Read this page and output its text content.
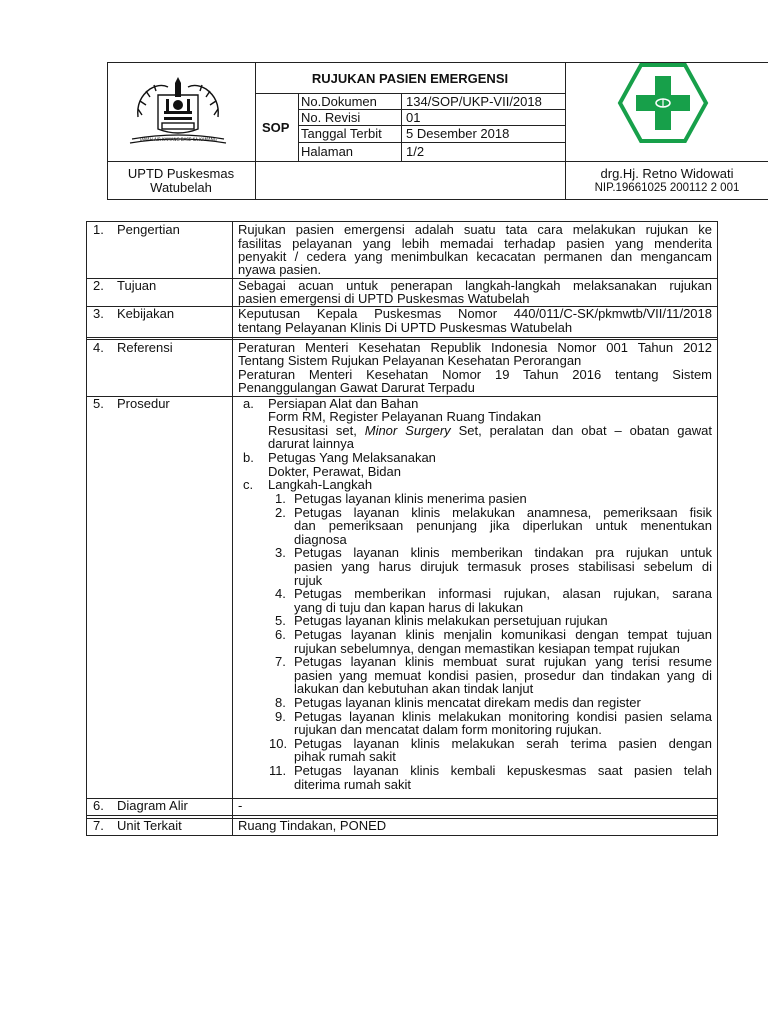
TANAH AIR KAMANG BASE KA KAMANG
RUJUKAN PASIEN EMERGENSI
SOP
No.Dokumen 134/SOP/UKP-VII/2018
No. Revisi	01
Tanggal Terbit 5 Desember 2018
Halaman	1/2
UPTD Puskesmas
Watubelah
drg.Hj. Retno Widowati
NIP.19661025 200112 2 001
1. Pengertian	Rujukan pasien emergensi adalah suatu tata cara melakukan rujukan ke
fasilitas pelayanan yang lebih memadai terhadap pasien yang menderita
penyakit / cedera yang menimbulkan kecacatan permanen dan mengancam
nyawa pasien.
2. Tujuan	Sebagai acuan untuk penerapan langkah-langkah melaksanakan rujukan
pasien emergensi di UPTD Puskesmas Watubelah
3. Kebijakan	Keputusan Kepala Puskesmas Nomor 440/011/C-SK/pkmwtb/VII/11/2018
tentang Pelayanan Klinis Di UPTD Puskesmas Watubelah
4. Referensi	Peraturan Menteri Kesehatan Republik Indonesia Nomor 001 Tahun 2012
Tentang Sistem Rujukan Pelayanan Kesehatan Perorangan
Peraturan Menteri Kesehatan Nomor 19 Tahun 2016 tentang Sistem
Penanggulangan Gawat Darurat Terpadu
5. Prosedur	a. Persiapan Alat dan Bahan
Form RM, Register Pelayanan Ruang Tindakan
Resusitasi set, Minor Surgery Set, peralatan dan obat – obatan gawat
darurat lainnya
b. Petugas Yang Melaksanakan
Dokter, Perawat, Bidan
c. Langkah-Langkah
1. Petugas layanan klinis menerima pasien
2. Petugas layanan klinis melakukan anamnesa, pemeriksaan fisik
dan pemeriksaan penunjang jika diperlukan untuk menentukan
diagnosa
3. Petugas layanan klinis memberikan tindakan pra rujukan untuk
pasien yang harus dirujuk termasuk proses stabilisasi sebelum di
rujuk
4. Petugas memberikan informasi rujukan, alasan rujukan, sarana
yang di tuju dan kapan harus di lakukan
5. Petugas layanan klinis melakukan persetujuan rujukan
6. Petugas layanan klinis menjalin komunikasi dengan tempat tujuan
rujukan sebelumnya, dengan memastikan kesiapan tempat rujukan
7. Petugas layanan klinis membuat surat rujukan yang terisi resume
pasien yang memuat kondisi pasien, prosedur dan tindakan yang di
lakukan dan kebutuhan akan tindak lanjut
8. Petugas layanan klinis mencatat direkam medis dan register
9. Petugas layanan klinis melakukan monitoring kondisi pasien selama
rujukan dan mencatat dalam form monitoring rujukan.
10. Petugas layanan klinis melakukan serah terima pasien dengan
pihak rumah sakit
11. Petugas layanan klinis kembali kepuskesmas saat pasien telah
diterima rumah sakit
6. Diagram Alir	-
7. Unit Terkait	Ruang Tindakan, PONED
